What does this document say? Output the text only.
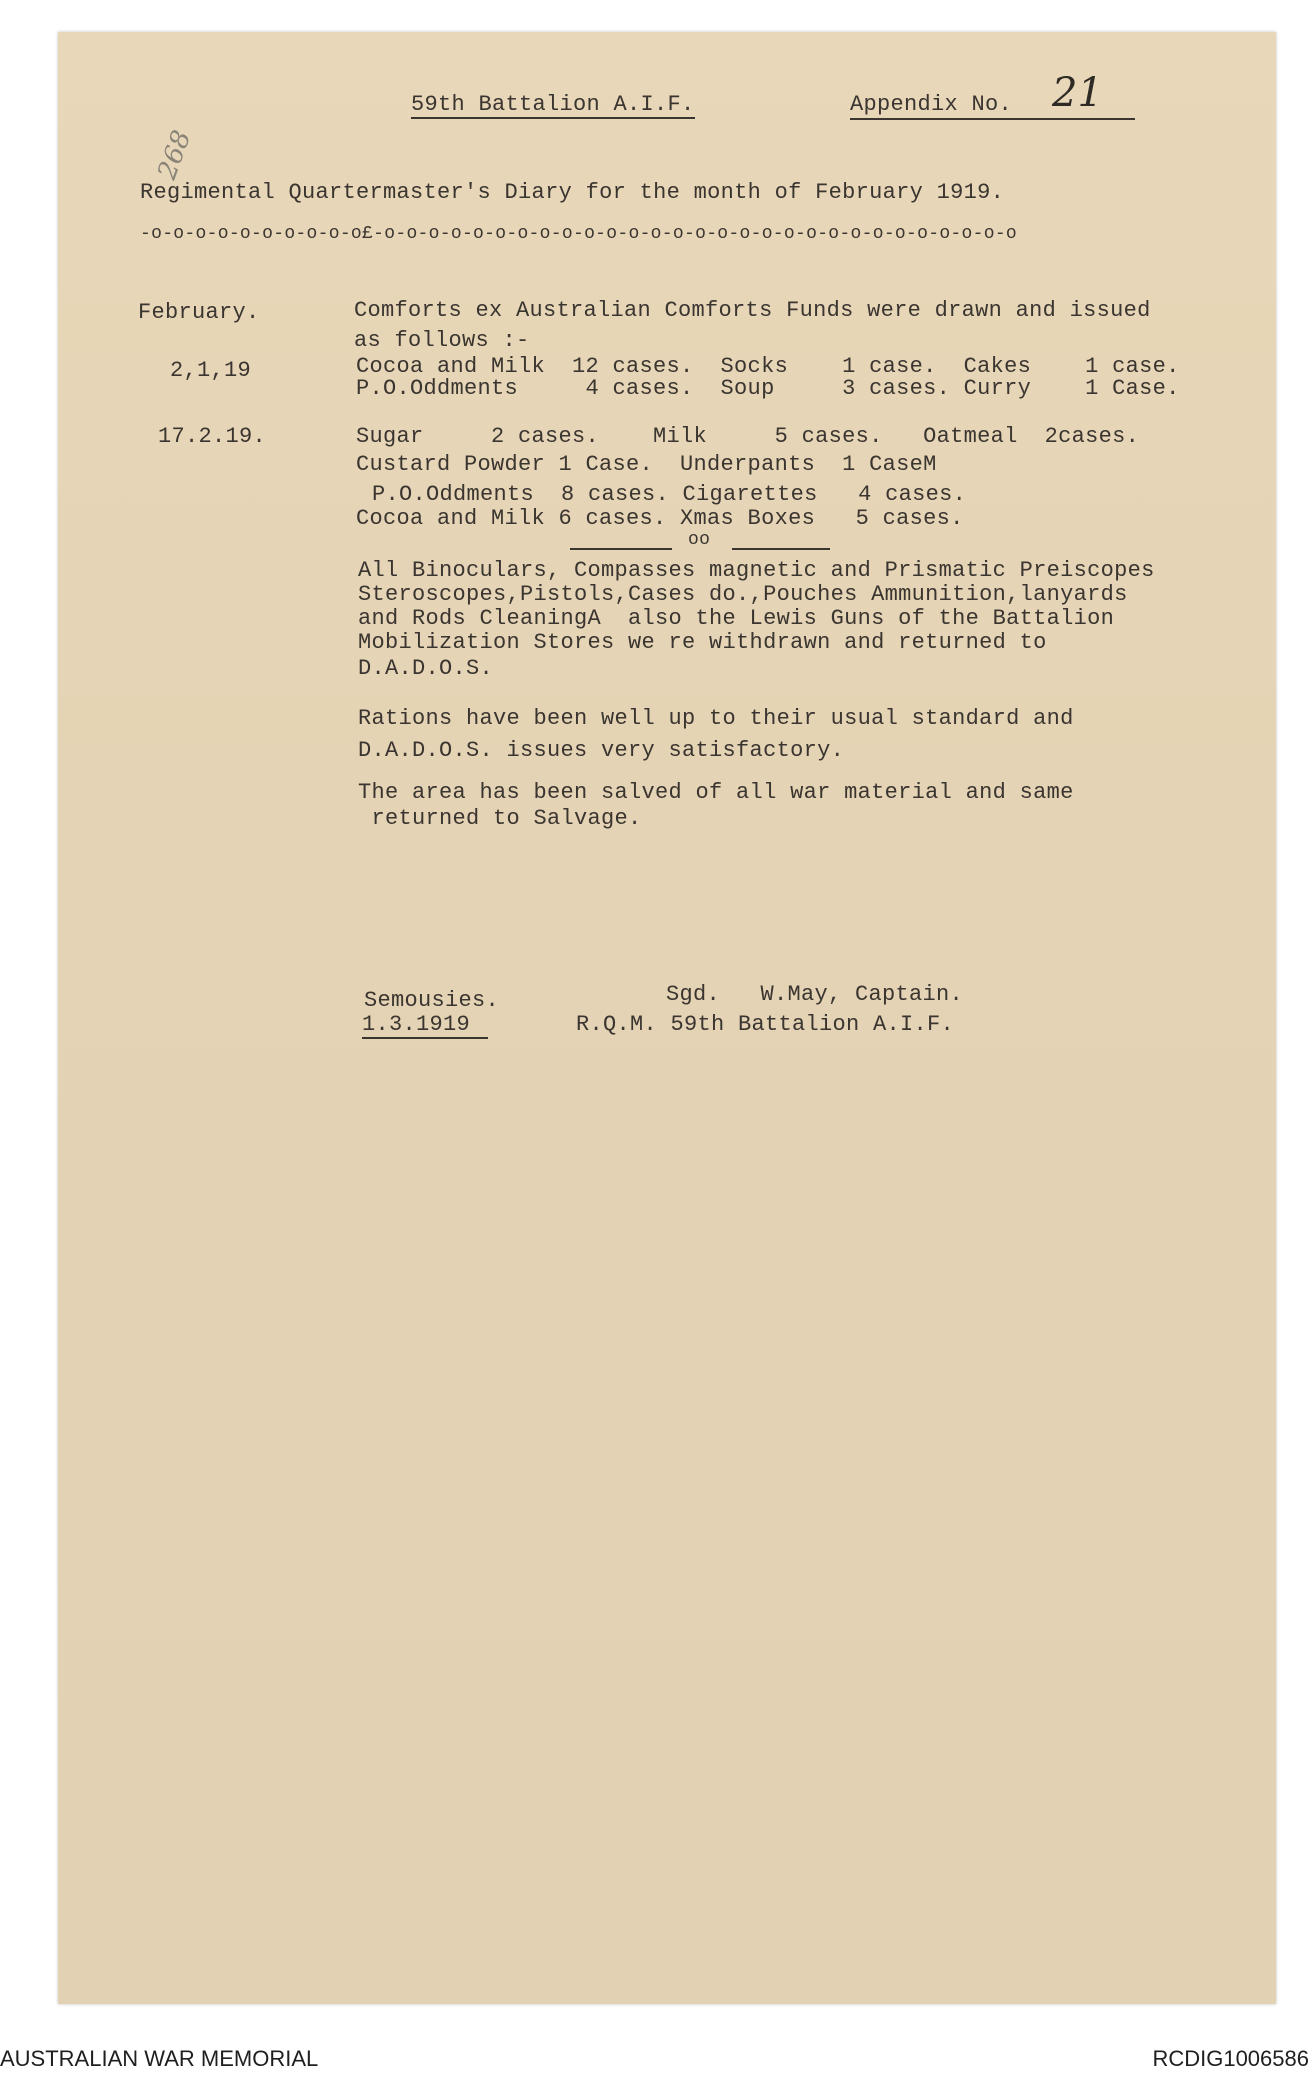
59th Battalion A.I.F.	Appendix No. 21
268
Regimental Quartermaster's Diary for the month of February 1919.
-o-o-o-o-o-o-o-o-o-o£-o-o-o-o-o-o-o-o-o-o-o-o-o-o-o-o-o-o-o-o-o-o-o-o-o-o-o-o-o
February.	Comforts ex Australian Comforts Funds were drawn and issued
as follows :-
2,1,19	Cocoa and Milk  12 cases.  Socks    1 case.  Cakes    1 case.
P.O.Oddments     4 cases.  Soup     3 cases. Curry    1 Case.
17.2.19.	Sugar     2 cases.    Milk     5 cases.   Oatmeal  2cases.
Custard Powder 1 Case.  Underpants  1 CaseM
P.O.Oddments  8 cases. Cigarettes   4 cases.
Cocoa and Milk 6 cases. Xmas Boxes   5 cases.
oo
All Binoculars, Compasses magnetic and Prismatic Preiscopes
Steroscopes,Pistols,Cases do.,Pouches Ammunition,lanyards
and Rods CleaningA  also the Lewis Guns of the Battalion
Mobilization Stores we re withdrawn and returned to
D.A.D.O.S.
Rations have been well up to their usual standard and
D.A.D.O.S. issues very satisfactory.
The area has been salved of all war material and same
returned to Salvage.
Semousies.
1.3.1919
Sgd.   W.May, Captain.
R.Q.M. 59th Battalion A.I.F.
AUSTRALIAN WAR MEMORIAL	RCDIG1006586
